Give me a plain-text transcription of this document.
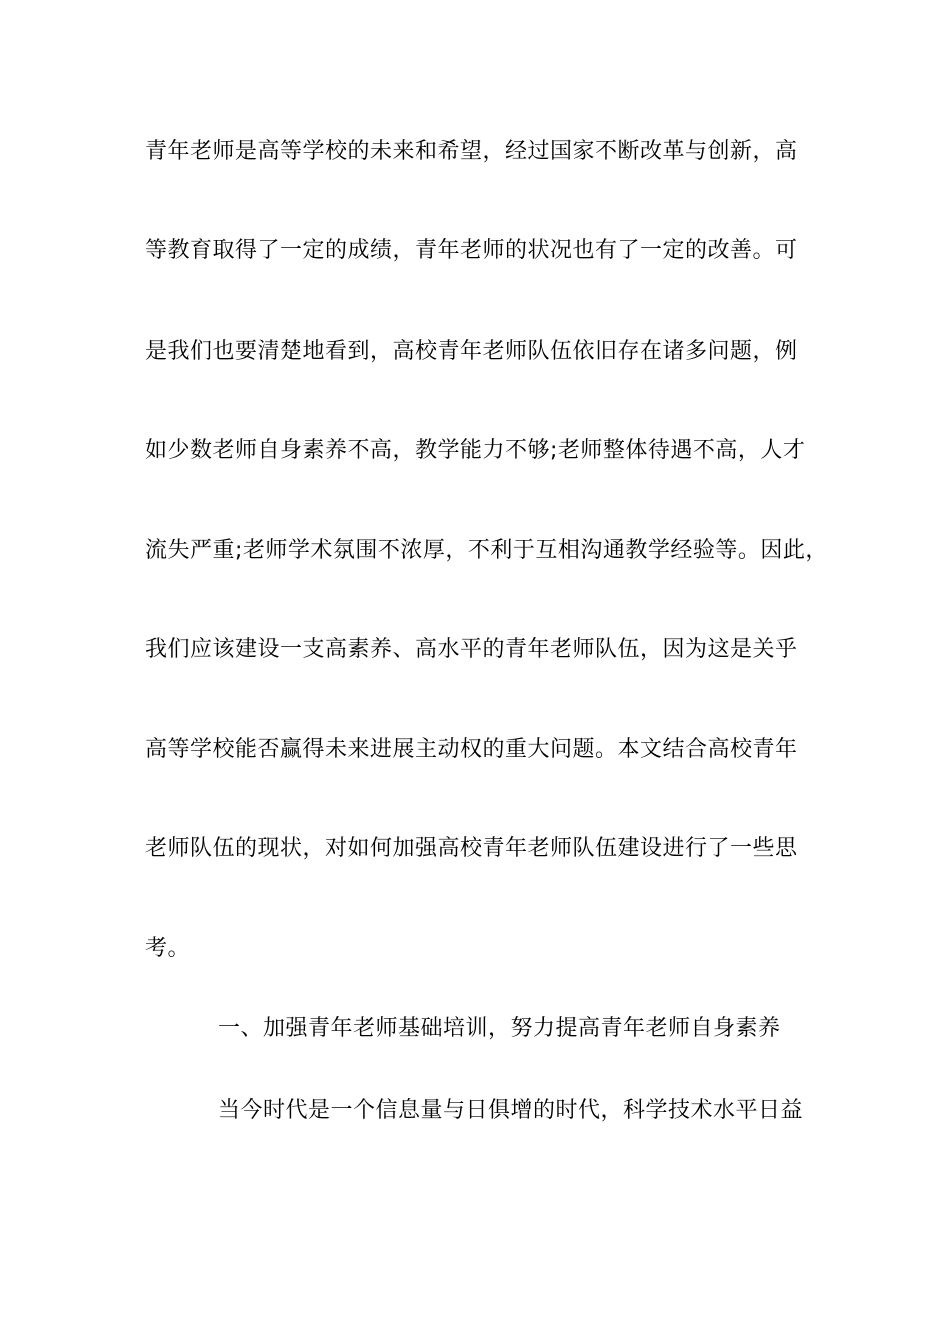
青年老师是高等学校的未来和希望，经过国家不断改革与创新，高
等教育取得了一定的成绩，青年老师的状况也有了一定的改善。可
是我们也要清楚地看到，高校青年老师队伍依旧存在诸多问题，例
如少数老师自身素养不高，教学能力不够;老师整体待遇不高，人才
流失严重;老师学术氛围不浓厚，不利于互相沟通教学经验等。因此，
我们应该建设一支高素养、高水平的青年老师队伍，因为这是关乎
高等学校能否赢得未来进展主动权的重大问题。本文结合高校青年
老师队伍的现状，对如何加强高校青年老师队伍建设进行了一些思
考。
一、加强青年老师基础培训，努力提高青年老师自身素养
当今时代是一个信息量与日俱增的时代，科学技术水平日益
